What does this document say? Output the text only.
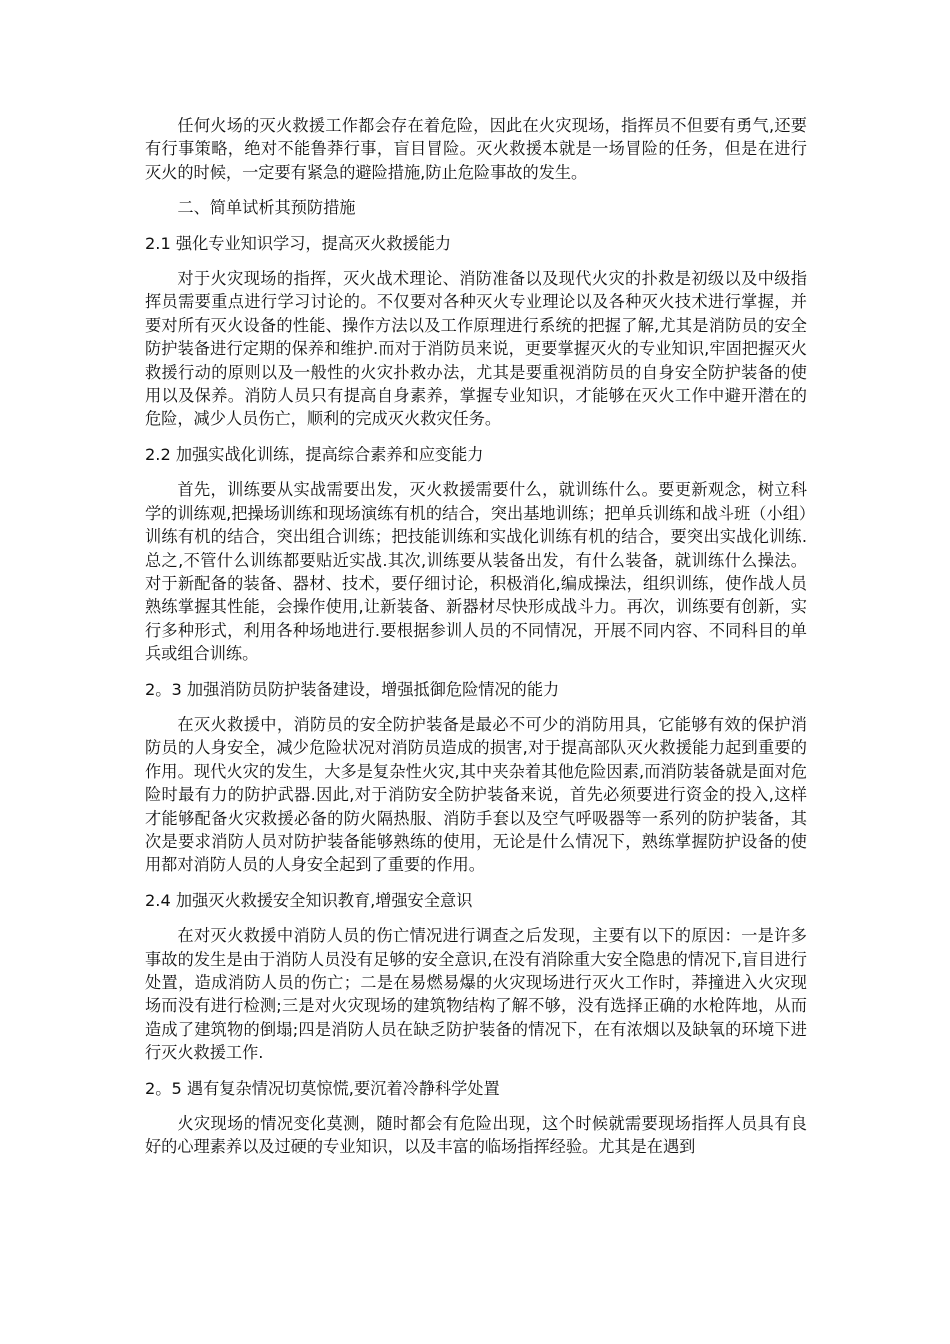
任何火场的灭火救援工作都会存在着危险，因此在火灾现场，指挥员不但要有勇气,还要有行事策略，绝对不能鲁莽行事，盲目冒险。灭火救援本就是一场冒险的任务，但是在进行灭火的时候，一定要有紧急的避险措施,防止危险事故的发生。

二、简单试析其预防措施

2.1 强化专业知识学习，提高灭火救援能力

对于火灾现场的指挥，灭火战术理论、消防准备以及现代火灾的扑救是初级以及中级指挥员需要重点进行学习讨论的。不仅要对各种灭火专业理论以及各种灭火技术进行掌握，并要对所有灭火设备的性能、操作方法以及工作原理进行系统的把握了解,尤其是消防员的安全防护装备进行定期的保养和维护.而对于消防员来说，更要掌握灭火的专业知识,牢固把握灭火救援行动的原则以及一般性的火灾扑救办法，尤其是要重视消防员的自身安全防护装备的使用以及保养。消防人员只有提高自身素养，掌握专业知识，才能够在灭火工作中避开潜在的危险，减少人员伤亡，顺利的完成灭火救灾任务。

2.2 加强实战化训练，提高综合素养和应变能力

首先，训练要从实战需要出发，灭火救援需要什么，就训练什么。要更新观念，树立科学的训练观,把操场训练和现场演练有机的结合，突出基地训练；把单兵训练和战斗班（小组）训练有机的结合，突出组合训练；把技能训练和实战化训练有机的结合，要突出实战化训练.总之,不管什么训练都要贴近实战.其次,训练要从装备出发，有什么装备，就训练什么操法。对于新配备的装备、器材、技术，要仔细讨论，积极消化,编成操法，组织训练，使作战人员熟练掌握其性能，会操作使用,让新装备、新器材尽快形成战斗力。再次，训练要有创新，实行多种形式，利用各种场地进行.要根据参训人员的不同情况，开展不同内容、不同科目的单兵或组合训练。

2。3 加强消防员防护装备建设，增强抵御危险情况的能力

在灭火救援中，消防员的安全防护装备是最必不可少的消防用具，它能够有效的保护消防员的人身安全，减少危险状况对消防员造成的损害,对于提高部队灭火救援能力起到重要的作用。现代火灾的发生，大多是复杂性火灾,其中夹杂着其他危险因素,而消防装备就是面对危险时最有力的防护武器.因此,对于消防安全防护装备来说，首先必须要进行资金的投入,这样才能够配备火灾救援必备的防火隔热服、消防手套以及空气呼吸器等一系列的防护装备，其次是要求消防人员对防护装备能够熟练的使用，无论是什么情况下，熟练掌握防护设备的使用都对消防人员的人身安全起到了重要的作用。

2.4 加强灭火救援安全知识教育,增强安全意识

在对灭火救援中消防人员的伤亡情况进行调查之后发现，主要有以下的原因：一是许多事故的发生是由于消防人员没有足够的安全意识,在没有消除重大安全隐患的情况下,盲目进行处置，造成消防人员的伤亡；二是在易燃易爆的火灾现场进行灭火工作时，莽撞进入火灾现场而没有进行检测;三是对火灾现场的建筑物结构了解不够，没有选择正确的水枪阵地，从而造成了建筑物的倒塌;四是消防人员在缺乏防护装备的情况下，在有浓烟以及缺氧的环境下进行灭火救援工作.

2。5 遇有复杂情况切莫惊慌,要沉着冷静科学处置

火灾现场的情况变化莫测，随时都会有危险出现，这个时候就需要现场指挥人员具有良好的心理素养以及过硬的专业知识，以及丰富的临场指挥经验。尤其是在遇到
